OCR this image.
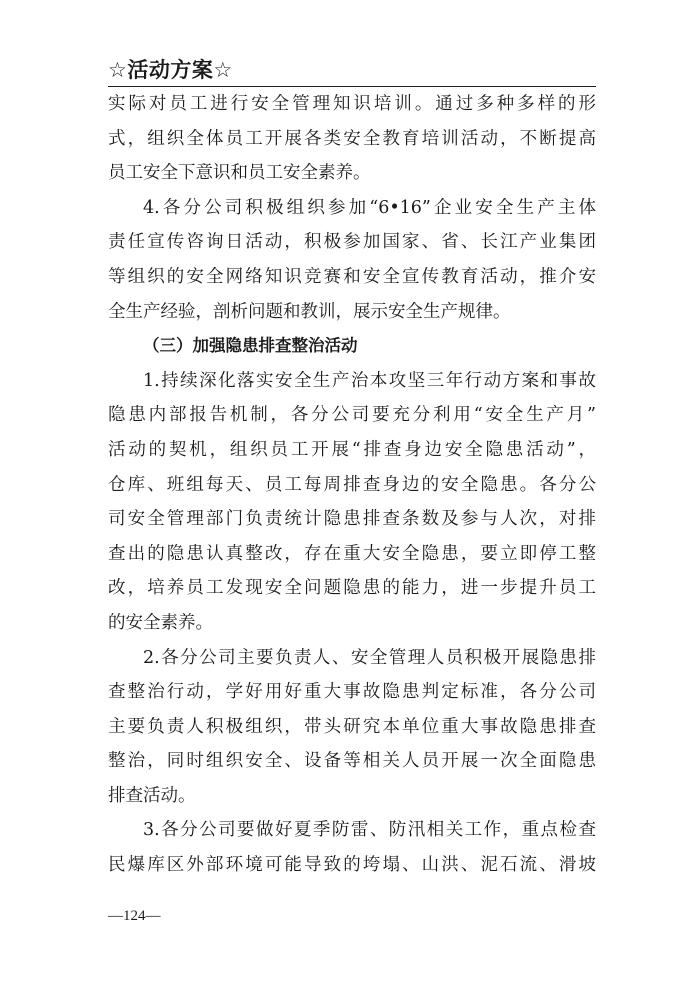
☆活动方案☆
实际对员工进行安全管理知识培训。通过多种多样的形
式，组织全体员工开展各类安全教育培训活动，不断提高
员工安全下意识和员工安全素养。
4.各分公司积极组织参加“6•16”企业安全生产主体
责任宣传咨询日活动，积极参加国家、省、长江产业集团
等组织的安全网络知识竞赛和安全宣传教育活动，推介安
全生产经验，剖析问题和教训，展示安全生产规律。
（三）加强隐患排查整治活动
1.持续深化落实安全生产治本攻坚三年行动方案和事故
隐患内部报告机制，各分公司要充分利用“安全生产月”
活动的契机，组织员工开展“排查身边安全隐患活动”，
仓库、班组每天、员工每周排查身边的安全隐患。各分公
司安全管理部门负责统计隐患排查条数及参与人次，对排
查出的隐患认真整改，存在重大安全隐患，要立即停工整
改，培养员工发现安全问题隐患的能力，进一步提升员工
的安全素养。
2.各分公司主要负责人、安全管理人员积极开展隐患排
查整治行动，学好用好重大事故隐患判定标准，各分公司
主要负责人积极组织，带头研究本单位重大事故隐患排查
整治，同时组织安全、设备等相关人员开展一次全面隐患
排查活动。
3.各分公司要做好夏季防雷、防汛相关工作，重点检查
民爆库区外部环境可能导致的垮塌、山洪、泥石流、滑坡
—124—
